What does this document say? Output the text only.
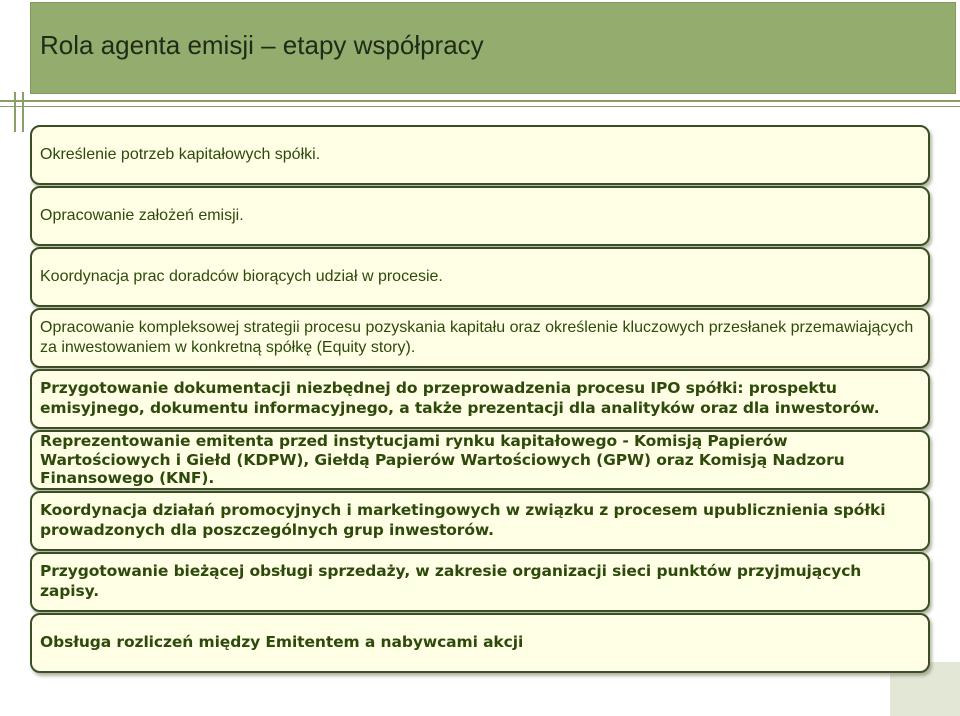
Rola agenta emisji – etapy współpracy
Określenie potrzeb kapitałowych spółki.
Opracowanie założeń emisji.
Koordynacja prac doradców biorących udział w procesie.
Opracowanie kompleksowej strategii procesu pozyskania kapitału oraz określenie kluczowych przesłanek przemawiających za inwestowaniem w konkretną spółkę (Equity story).
Przygotowanie dokumentacji niezbędnej do przeprowadzenia procesu IPO spółki: prospektu emisyjnego, dokumentu informacyjnego, a także prezentacji dla analityków oraz dla inwestorów.
Reprezentowanie emitenta przed instytucjami rynku kapitałowego - Komisją Papierów Wartościowych i Giełd (KDPW), Giełdą Papierów Wartościowych (GPW) oraz Komisją Nadzoru Finansowego (KNF).
Koordynacja działań promocyjnych i marketingowych w związku z procesem upublicznienia spółki prowadzonych dla poszczególnych grup inwestorów.
Przygotowanie bieżącej obsługi sprzedaży, w zakresie organizacji sieci punktów przyjmujących zapisy.
Obsługa rozliczeń między Emitentem a nabywcami akcji
